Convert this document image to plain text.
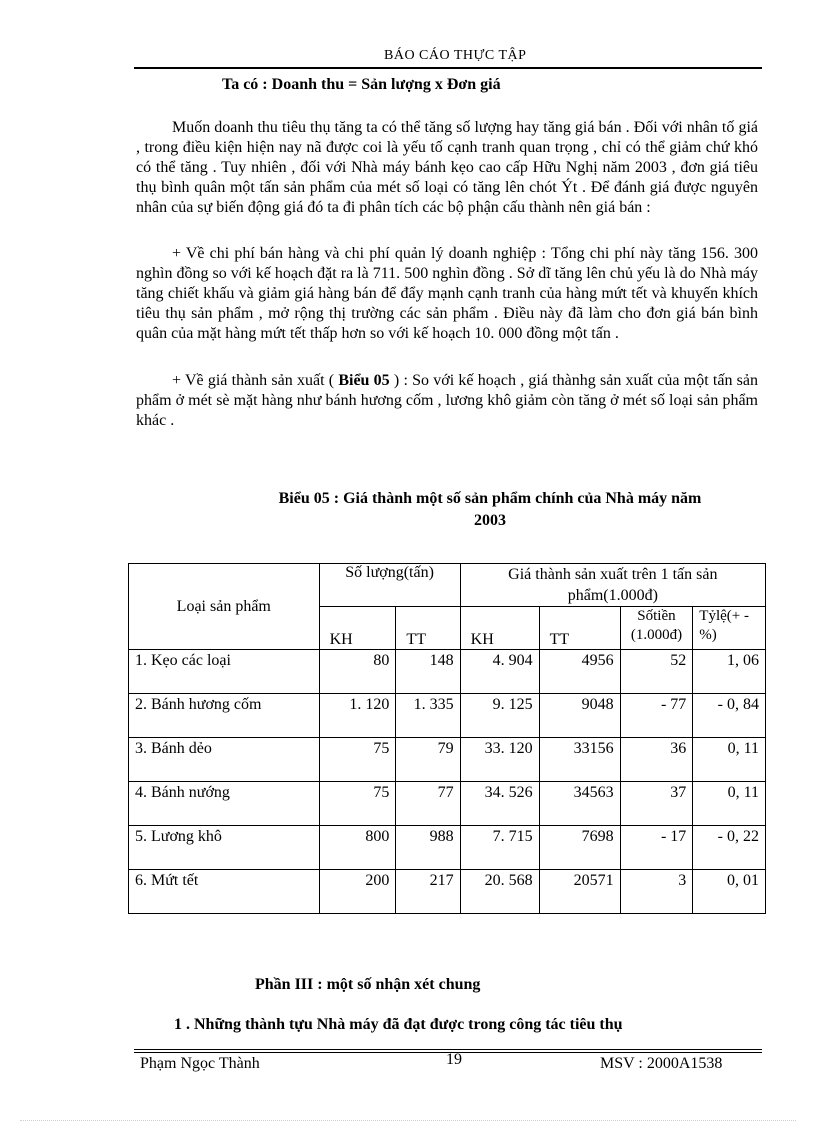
BÁO CÁO THỰC TẬP
Ta có : Doanh thu = Sản lượng x Đơn giá

Muốn doanh thu tiêu thụ tăng ta có thể tăng số lượng hay tăng giá bán . Đối với nhân tố giá , trong điều kiện hiện nay nã được coi là yếu tố cạnh tranh quan trọng , chỉ có thể giảm chứ khó có thể tăng . Tuy nhiên , đối với Nhà máy bánh kẹo cao cấp Hữu Nghị năm 2003 , đơn giá tiêu thụ bình quân một tấn sản phẩm của mét số loại có tăng lên chót Ýt . Để đánh giá được nguyên nhân của sự biến động giá đó ta đi phân tích các bộ phận cấu thành nên giá bán :

+ Về chi phí bán hàng và chi phí quản lý doanh nghiệp : Tổng chi phí này tăng 156. 300 nghìn đồng so với kế hoạch đặt ra là 711. 500 nghìn đồng . Sở dĩ tăng lên chủ yếu là do Nhà máy tăng chiết khấu và giảm giá hàng bán để đẩy mạnh cạnh tranh của hàng mứt tết và khuyến khích tiêu thụ sản phẩm , mở rộng thị trường các sản phẩm . Điều này đã làm cho đơn giá bán bình quân của mặt hàng mứt tết thấp hơn so với kế hoạch 10. 000 đồng một tấn .

+ Về giá thành sản xuất ( Biểu 05 ) : So với kế hoạch , giá thànhg sản xuất của một tấn sản phẩm ở mét sè mặt hàng như bánh hương cốm , lương khô giảm còn tăng ở mét số loại sản phẩm khác .

Biểu 05 : Giá thành một số sản phẩm chính của Nhà máy năm
2003
Loại sản phẩm	Số lượng(tấn)		Giá thành sản xuất trên 1 tấn sản phẩm(1.000đ)			
	KH	TT	KH	TT	Sốtiền (1.000đ)	Tỷlệ(+ -%)
1. Kẹo các loại	80	148	4. 904	4956	52	1, 06
2. Bánh hương cốm	1. 120	1. 335	9. 125	9048	- 77	- 0, 84
3. Bánh dẻo	75	79	33. 120	33156	36	0, 11
4. Bánh nướng	75	77	34. 526	34563	37	0, 11
5. Lương khô	800	988	7. 715	7698	- 17	- 0, 22
6. Mứt tết	200	217	20. 568	20571	3	0, 01
Phần III : một số nhận xét chung
1 . Những thành tựu Nhà máy đã đạt được trong công tác tiêu thụ
Phạm Ngọc Thành	19	MSV : 2000A1538
